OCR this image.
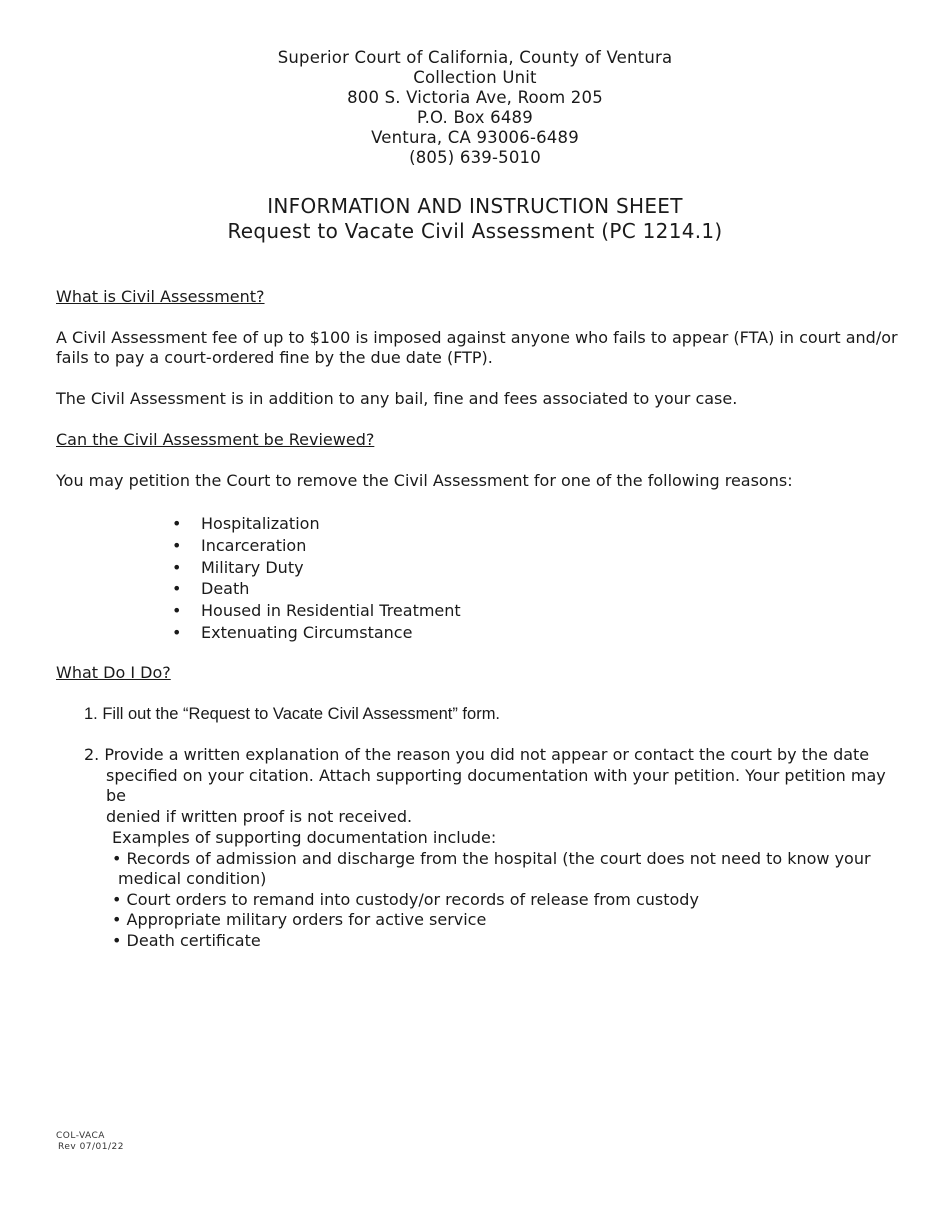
Superior Court of California, County of Ventura
Collection Unit
800 S. Victoria Ave, Room 205
P.O. Box 6489
Ventura, CA 93006-6489
(805) 639-5010
INFORMATION AND INSTRUCTION SHEET
Request to Vacate Civil Assessment (PC 1214.1)
What is Civil Assessment?
A Civil Assessment fee of up to $100 is imposed against anyone who fails to appear (FTA) in court and/or fails to pay a court-ordered fine by the due date (FTP).
The Civil Assessment is in addition to any bail, fine and fees associated to your case.
Can the Civil Assessment be Reviewed?
You may petition the Court to remove the Civil Assessment for one of the following reasons:
• Hospitalization
• Incarceration
• Military Duty
• Death
• Housed in Residential Treatment
• Extenuating Circumstance
What Do I Do?
1. Fill out the “Request to Vacate Civil Assessment” form.
2. Provide a written explanation of the reason you did not appear or contact the court by the date
specified on your citation. Attach supporting documentation with your petition. Your petition may be
denied if written proof is not received.
Examples of supporting documentation include:
• Records of admission and discharge from the hospital (the court does not need to know your
medical condition)
• Court orders to remand into custody/or records of release from custody
• Appropriate military orders for active service
• Death certificate
COL-VACA
Rev 07/01/22
